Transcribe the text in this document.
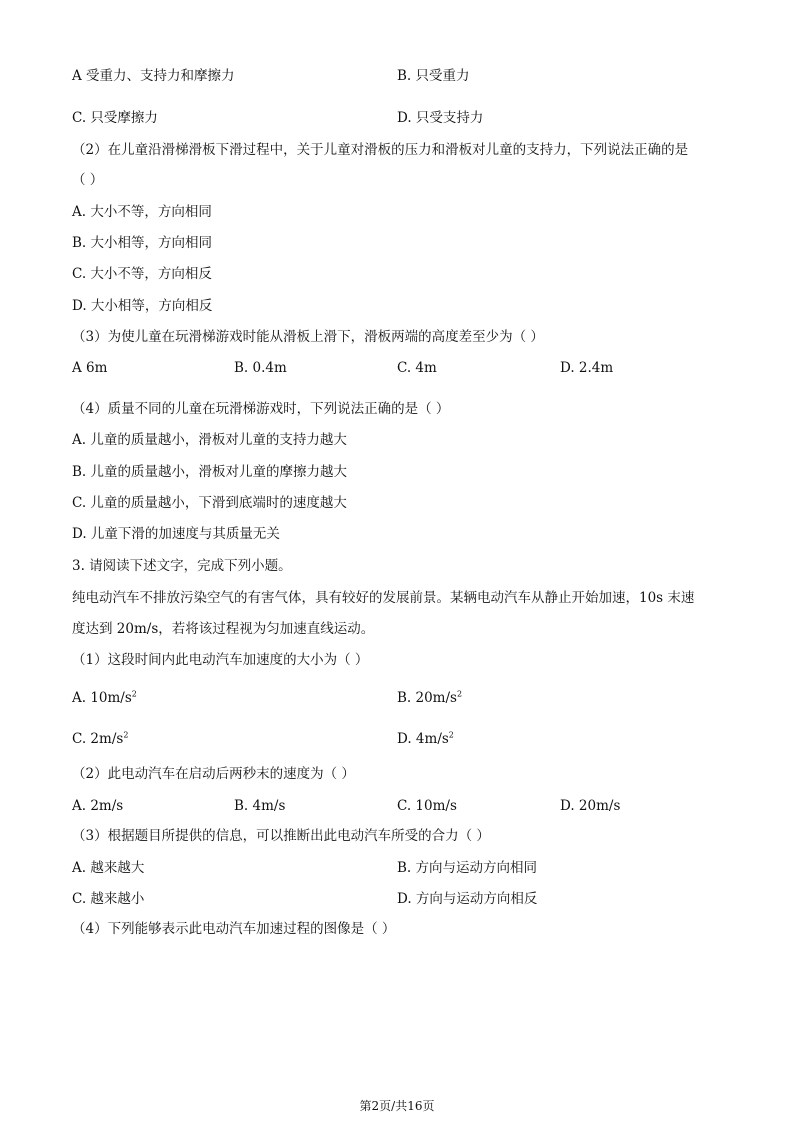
A 受重力、支持力和摩擦力	B. 只受重力
C. 只受摩擦力	D. 只受支持力
（2）在儿童沿滑梯滑板下滑过程中，关于儿童对滑板的压力和滑板对儿童的支持力，下列说法正确的是
（ ）
A. 大小不等，方向相同
B. 大小相等，方向相同
C. 大小不等，方向相反
D. 大小相等，方向相反
（3）为使儿童在玩滑梯游戏时能从滑板上滑下，滑板两端的高度差至少为（ ）
A 6m	B. 0.4m	C. 4m	D. 2.4m
（4）质量不同的儿童在玩滑梯游戏时，下列说法正确的是（ ）
A. 儿童的质量越小，滑板对儿童的支持力越大
B. 儿童的质量越小，滑板对儿童的摩擦力越大
C. 儿童的质量越小，下滑到底端时的速度越大
D. 儿童下滑的加速度与其质量无关
3. 请阅读下述文字，完成下列小题。
纯电动汽车不排放污染空气的有害气体，具有较好的发展前景。某辆电动汽车从静止开始加速，10s 末速
度达到 20m/s，若将该过程视为匀加速直线运动。
（1）这段时间内此电动汽车加速度的大小为（ ）
A. $10m/s^2$	B. $20m/s^2$
C. $2m/s^2$	D. $4m/s^2$
（2）此电动汽车在启动后两秒末的速度为（ ）
A. 2m/s	B. 4m/s	C. 10m/s	D. 20m/s
（3）根据题目所提供的信息，可以推断出此电动汽车所受的合力（ ）
A. 越来越大	B. 方向与运动方向相同
C. 越来越小	D. 方向与运动方向相反
（4）下列能够表示此电动汽车加速过程的图像是（ ）
第2页/共16页
